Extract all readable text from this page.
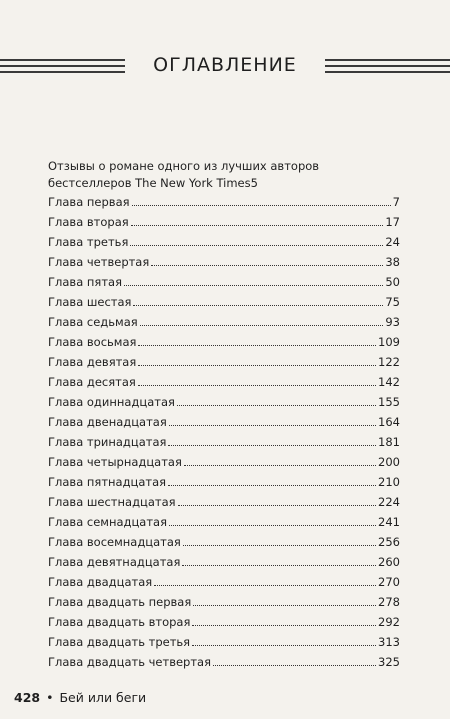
ОГЛАВЛЕНИЕ
Отзывы о романе одного из лучших авторов
бестселлеров The New York Times 5
Глава первая	7
Глава вторая	17
Глава третья	24
Глава четвертая	38
Глава пятая	50
Глава шестая	75
Глава седьмая	93
Глава восьмая	109
Глава девятая	122
Глава десятая	142
Глава одиннадцатая	155
Глава двенадцатая	164
Глава тринадцатая	181
Глава четырнадцатая	200
Глава пятнадцатая	210
Глава шестнадцатая	224
Глава семнадцатая	241
Глава восемнадцатая	256
Глава девятнадцатая	260
Глава двадцатая	270
Глава двадцать первая	278
Глава двадцать вторая	292
Глава двадцать третья	313
Глава двадцать четвертая	325
428 • Бей или беги
